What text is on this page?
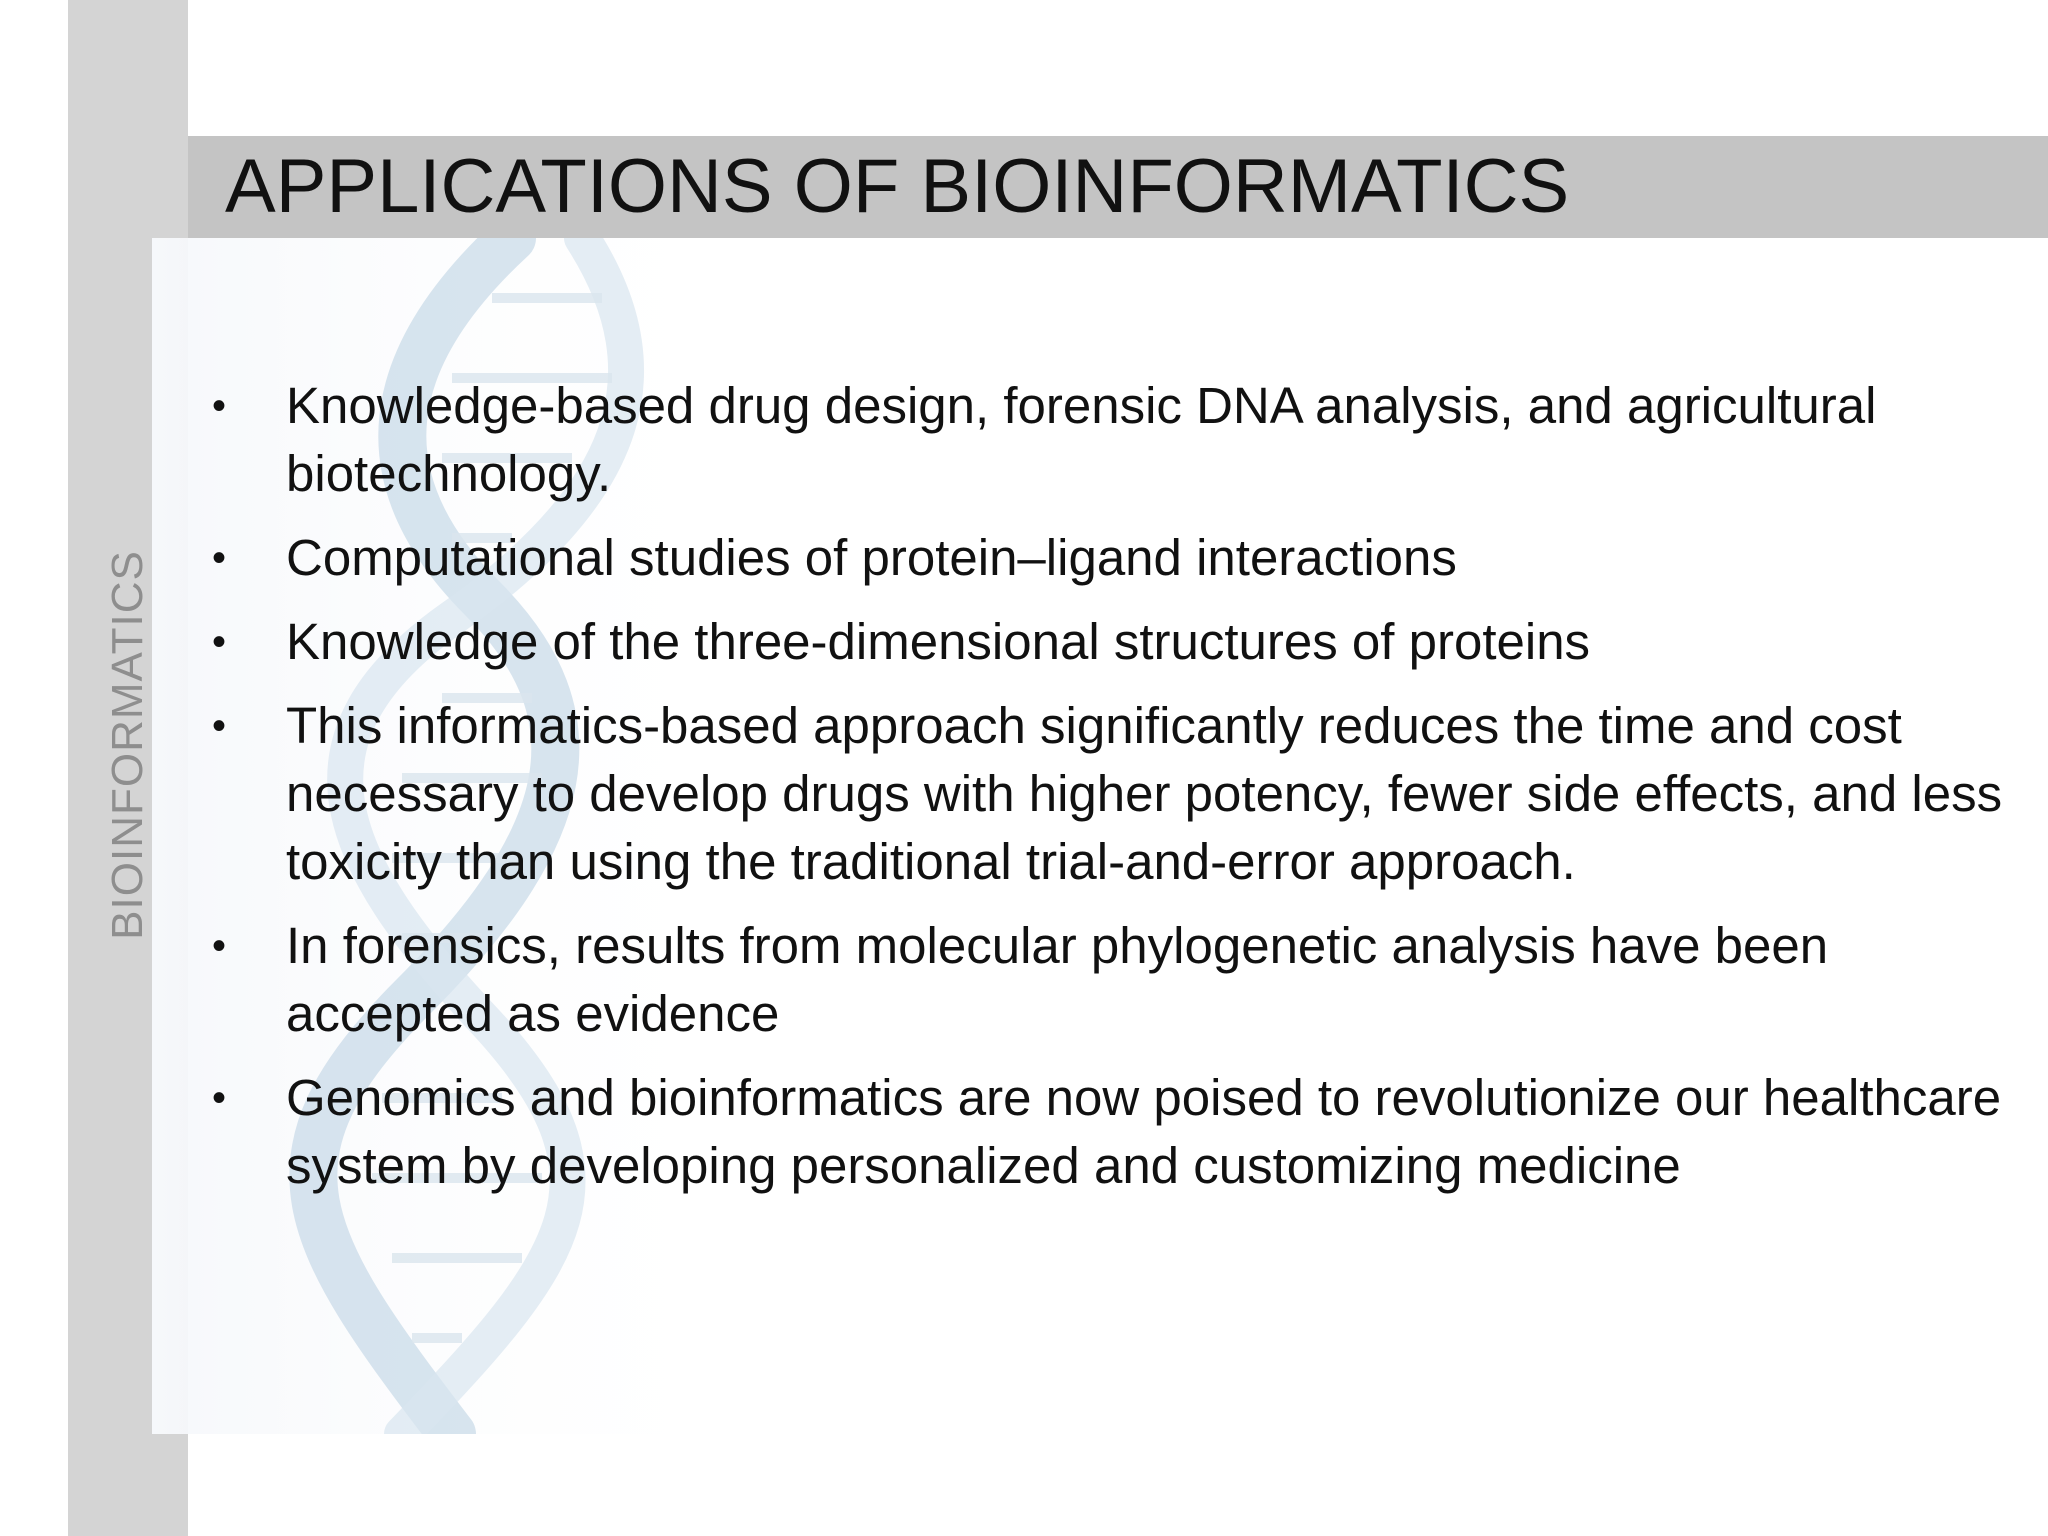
BIOINFORMATICS
APPLICATIONS OF BIOINFORMATICS
• Knowledge-based drug design, forensic DNA analysis, and agricultural biotechnology.
• Computational studies of protein–ligand interactions
• Knowledge of the three-dimensional structures of proteins
• This informatics-based approach significantly reduces the time and cost necessary to develop drugs with higher potency, fewer side effects, and less toxicity than using the traditional trial-and-error approach.
• In forensics, results from molecular phylogenetic analysis have been accepted as evidence
• Genomics and bioinformatics are now poised to revolutionize our healthcare system by developing personalized and customizing medicine
